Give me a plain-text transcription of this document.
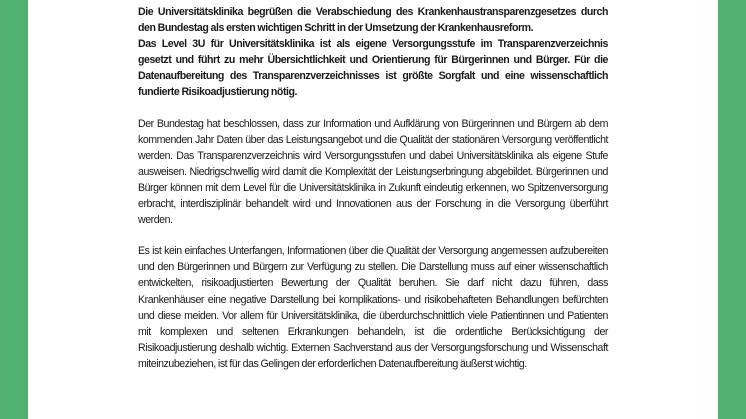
Die Universitätsklinika begrüßen die Verabschiedung des Krankenhaustransparenzgesetzes durch den Bundestag als ersten wichtigen Schritt in der Umsetzung der Krankenhausreform.

Das Level 3U für Universitätsklinika ist als eigene Versorgungsstufe im Transparenzverzeichnis gesetzt und führt zu mehr Übersichtlichkeit und Orientierung für Bürgerinnen und Bürger. Für die Datenaufbereitung des Transparenzverzeichnisses ist größte Sorgfalt und eine wissenschaftlich fundierte Risikoadjustierung nötig.

Der Bundestag hat beschlossen, dass zur Information und Aufklärung von Bürgerinnen und Bürgern ab dem kommenden Jahr Daten über das Leistungsangebot und die Qualität der stationären Versorgung veröffentlicht werden. Das Transparenzverzeichnis wird Versorgungsstufen und dabei Universitätsklinika als eigene Stufe ausweisen. Niedrigschwellig wird damit die Komplexität der Leistungserbringung abgebildet. Bürgerinnen und Bürger können mit dem Level für die Universitätsklinika in Zukunft eindeutig erkennen, wo Spitzenversorgung erbracht, interdisziplinär behandelt wird und Innovationen aus der Forschung in die Versorgung überführt werden.

Es ist kein einfaches Unterfangen, Informationen über die Qualität der Versorgung angemessen aufzubereiten und den Bürgerinnen und Bürgern zur Verfügung zu stellen. Die Darstellung muss auf einer wissenschaftlich entwickelten, risikoadjustierten Bewertung der Qualität beruhen. Sie darf nicht dazu führen, dass Krankenhäuser eine negative Darstellung bei komplikations- und risikobehafteten Behandlungen befürchten und diese meiden. Vor allem für Universitätsklinika, die überdurchschnittlich viele Patientinnen und Patienten mit komplexen und seltenen Erkrankungen behandeln, ist die ordentliche Berücksichtigung der Risikoadjustierung deshalb wichtig. Externen Sachverstand aus der Versorgungsforschung und Wissenschaft miteinzubeziehen, ist für das Gelingen der erforderlichen Datenaufbereitung äußerst wichtig.
